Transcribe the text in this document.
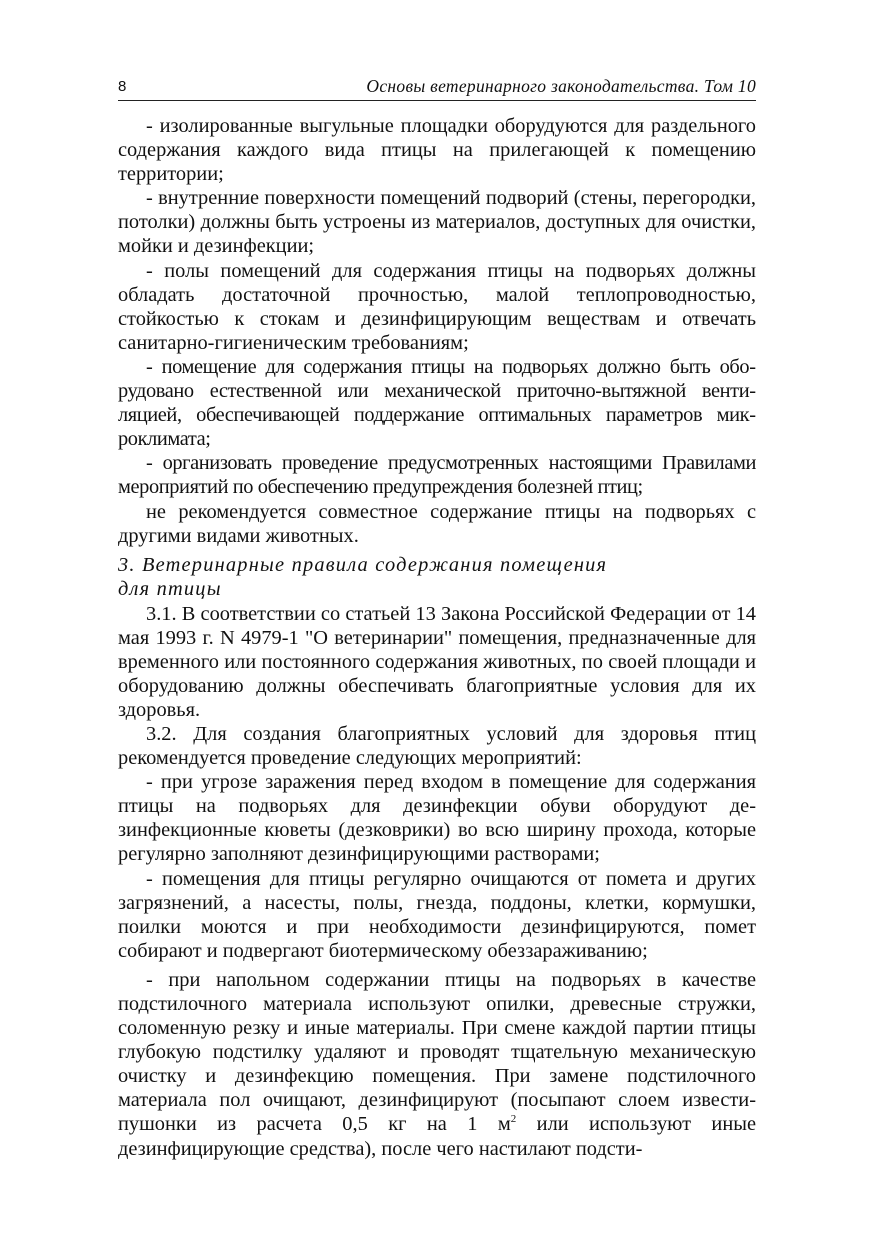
8	Основы ветеринарного законодательства. Том 10

- изолированные выгульные площадки оборудуются для раздельного содержания каждого вида птицы на прилегающей к помещению территории;

- внутренние поверхности помещений подворий (стены, перегородки, потолки) должны быть устроены из материалов, доступных для очистки, мойки и дезинфекции;

- полы помещений для содержания птицы на подворьях должны обладать достаточной прочностью, малой теплопроводностью, стойкостью к стокам и дезинфицирующим веществам и отвечать санитарно-гигиеническим требованиям;

- помещение для содержания птицы на подворьях должно быть оборудовано естественной или механической приточно-вытяжной вентиляцией, обеспечивающей поддержание оптимальных параметров микроклимата;

- организовать проведение предусмотренных настоящими Правилами мероприятий по обеспечению предупреждения болезней птиц;

не рекомендуется совместное содержание птицы на подворьях с другими видами животных.

3. Ветеринарные правила содержания помещения
для птицы

3.1. В соответствии со статьей 13 Закона Российской Федерации от 14 мая 1993 г. N 4979-1 "О ветеринарии" помещения, предназначенные для временного или постоянного содержания животных, по своей площади и оборудованию должны обеспечивать благоприятные условия для их здоровья.

3.2. Для создания благоприятных условий для здоровья птиц рекомендуется проведение следующих мероприятий:

- при угрозе заражения перед входом в помещение для содержания птицы на подворьях для дезинфекции обуви оборудуют дезинфекционные кюветы (дезковрики) во всю ширину прохода, которые регулярно заполняют дезинфицирующими растворами;

- помещения для птицы регулярно очищаются от помета и других загрязнений, а насесты, полы, гнезда, поддоны, клетки, кормушки, поилки моются и при необходимости дезинфицируются, помет собирают и подвергают биотермическому обеззараживанию;

- при напольном содержании птицы на подворьях в качестве подстилочного материала используют опилки, древесные стружки, соломенную резку и иные материалы. При смене каждой партии птицы глубокую подстилку удаляют и проводят тщательную механическую очистку и дезинфекцию помещения. При замене подстилочного материала пол очищают, дезинфицируют (посыпают слоем извести-пушонки из расчета 0,5 кг на 1 $м^2$ или используют иные дезинфицирующие средства), после чего настилают подсти-
